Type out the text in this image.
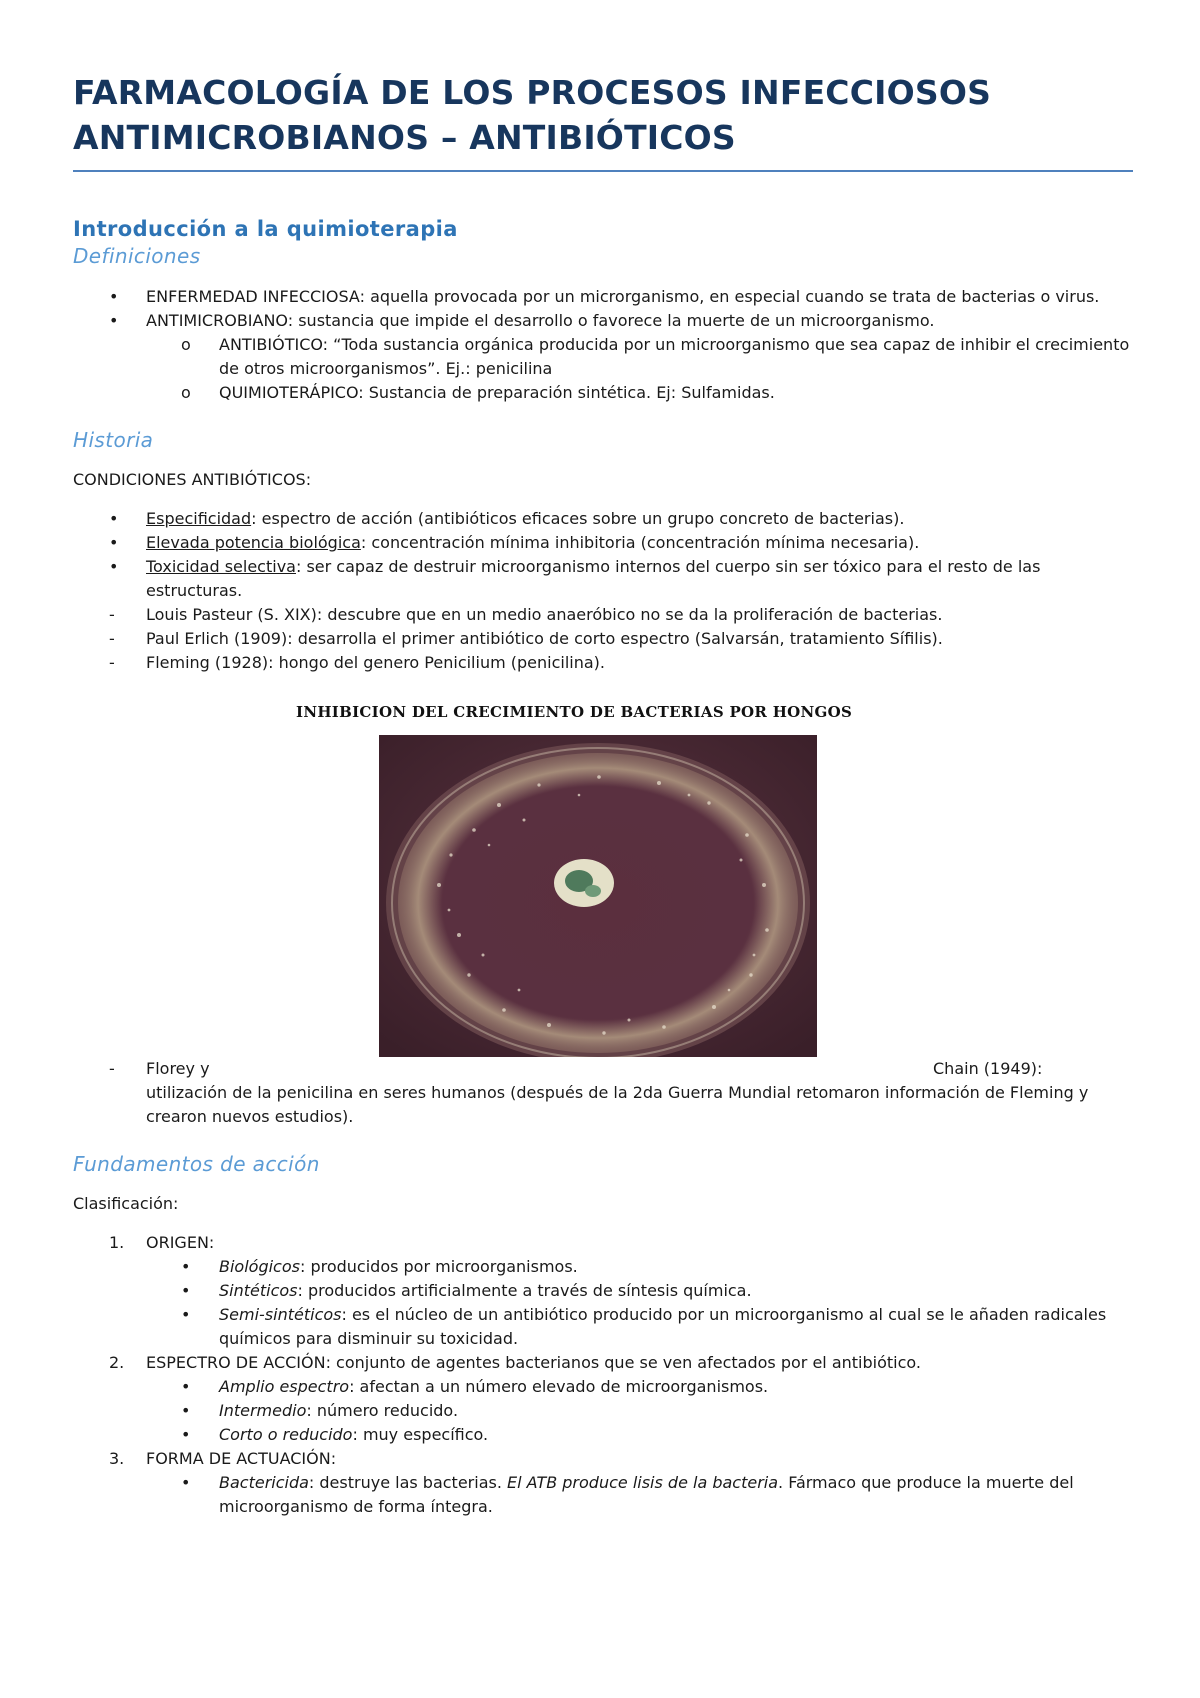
FARMACOLOGÍA DE LOS PROCESOS INFECCIOSOS
ANTIMICROBIANOS – ANTIBIÓTICOS
Introducción a la quimioterapia
Definiciones
•	ENFERMEDAD INFECCIOSA: aquella provocada por un microrganismo, en especial cuando se trata de bacterias o virus.
•	ANTIMICROBIANO: sustancia que impide el desarrollo o favorece la muerte de un microorganismo.
o	ANTIBIÓTICO: “Toda sustancia orgánica producida por un microorganismo que sea capaz de inhibir el crecimiento de otros microorganismos”. Ej.: penicilina
o	QUIMIOTERÁPICO: Sustancia de preparación sintética. Ej: Sulfamidas.
Historia

CONDICIONES ANTIBIÓTICOS:

•	Especificidad: espectro de acción (antibióticos eficaces sobre un grupo concreto de bacterias).
•	Elevada potencia biológica: concentración mínima inhibitoria (concentración mínima necesaria).
•	Toxicidad selectiva: ser capaz de destruir microorganismo internos del cuerpo sin ser tóxico para el resto de las estructuras.
-	Louis Pasteur (S. XIX): descubre que en un medio anaeróbico no se da la proliferación de bacterias.
-	Paul Erlich (1909): desarrolla el primer antibiótico de corto espectro (Salvarsán, tratamiento Sífilis).
-	Fleming (1928): hongo del genero Penicilium (penicilina).
INHIBICION DEL CRECIMIENTO DE BACTERIAS POR HONGOS
- Florey y	Chain (1949):
utilización de la penicilina en seres humanos (después de la 2da Guerra Mundial retomaron información de Fleming y crearon nuevos estudios).
Fundamentos de acción

Clasificación:

1.	ORIGEN:
•	Biológicos: producidos por microorganismos.
•	Sintéticos: producidos artificialmente a través de síntesis química.
•	Semi-sintéticos: es el núcleo de un antibiótico producido por un microorganismo al cual se le añaden radicales químicos para disminuir su toxicidad.
2.	ESPECTRO DE ACCIÓN: conjunto de agentes bacterianos que se ven afectados por el antibiótico.
•	Amplio espectro: afectan a un número elevado de microorganismos.
•	Intermedio: número reducido.
•	Corto o reducido: muy específico.
3.	FORMA DE ACTUACIÓN:
•	Bactericida: destruye las bacterias. El ATB produce lisis de la bacteria. Fármaco que produce la muerte del microorganismo de forma íntegra.
